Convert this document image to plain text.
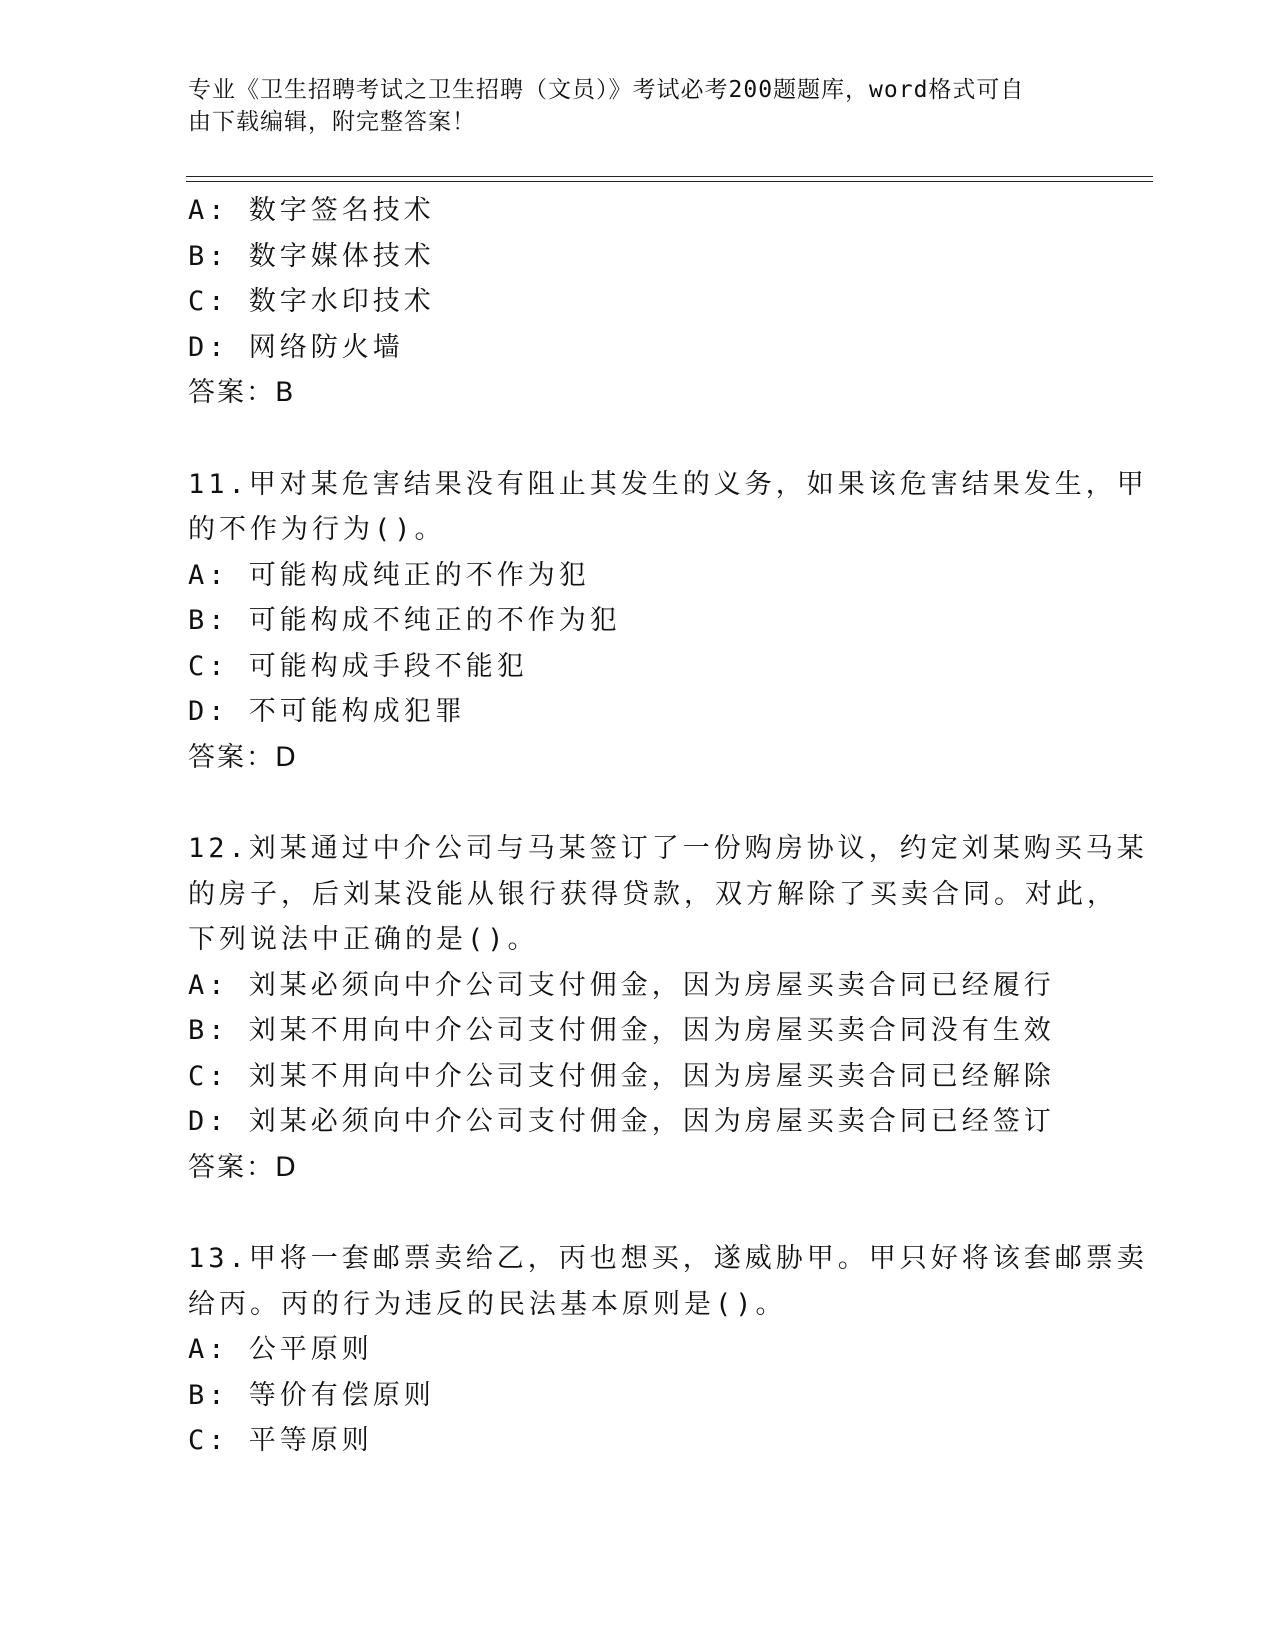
专业《卫生招聘考试之卫生招聘（文员）》考试必考200题题库，word格式可自
由下载编辑，附完整答案！
A: 数字签名技术
B: 数字媒体技术
C: 数字水印技术
D: 网络防火墙
答案：B
11.甲对某危害结果没有阻止其发生的义务，如果该危害结果发生，甲
的不作为行为()。
A: 可能构成纯正的不作为犯
B: 可能构成不纯正的不作为犯
C: 可能构成手段不能犯
D: 不可能构成犯罪
答案：D
12.刘某通过中介公司与马某签订了一份购房协议，约定刘某购买马某
的房子，后刘某没能从银行获得贷款，双方解除了买卖合同。对此，
下列说法中正确的是()。
A: 刘某必须向中介公司支付佣金，因为房屋买卖合同已经履行
B: 刘某不用向中介公司支付佣金，因为房屋买卖合同没有生效
C: 刘某不用向中介公司支付佣金，因为房屋买卖合同已经解除
D: 刘某必须向中介公司支付佣金，因为房屋买卖合同已经签订
答案：D
13.甲将一套邮票卖给乙，丙也想买，遂威胁甲。甲只好将该套邮票卖
给丙。丙的行为违反的民法基本原则是()。
A: 公平原则
B: 等价有偿原则
C: 平等原则
